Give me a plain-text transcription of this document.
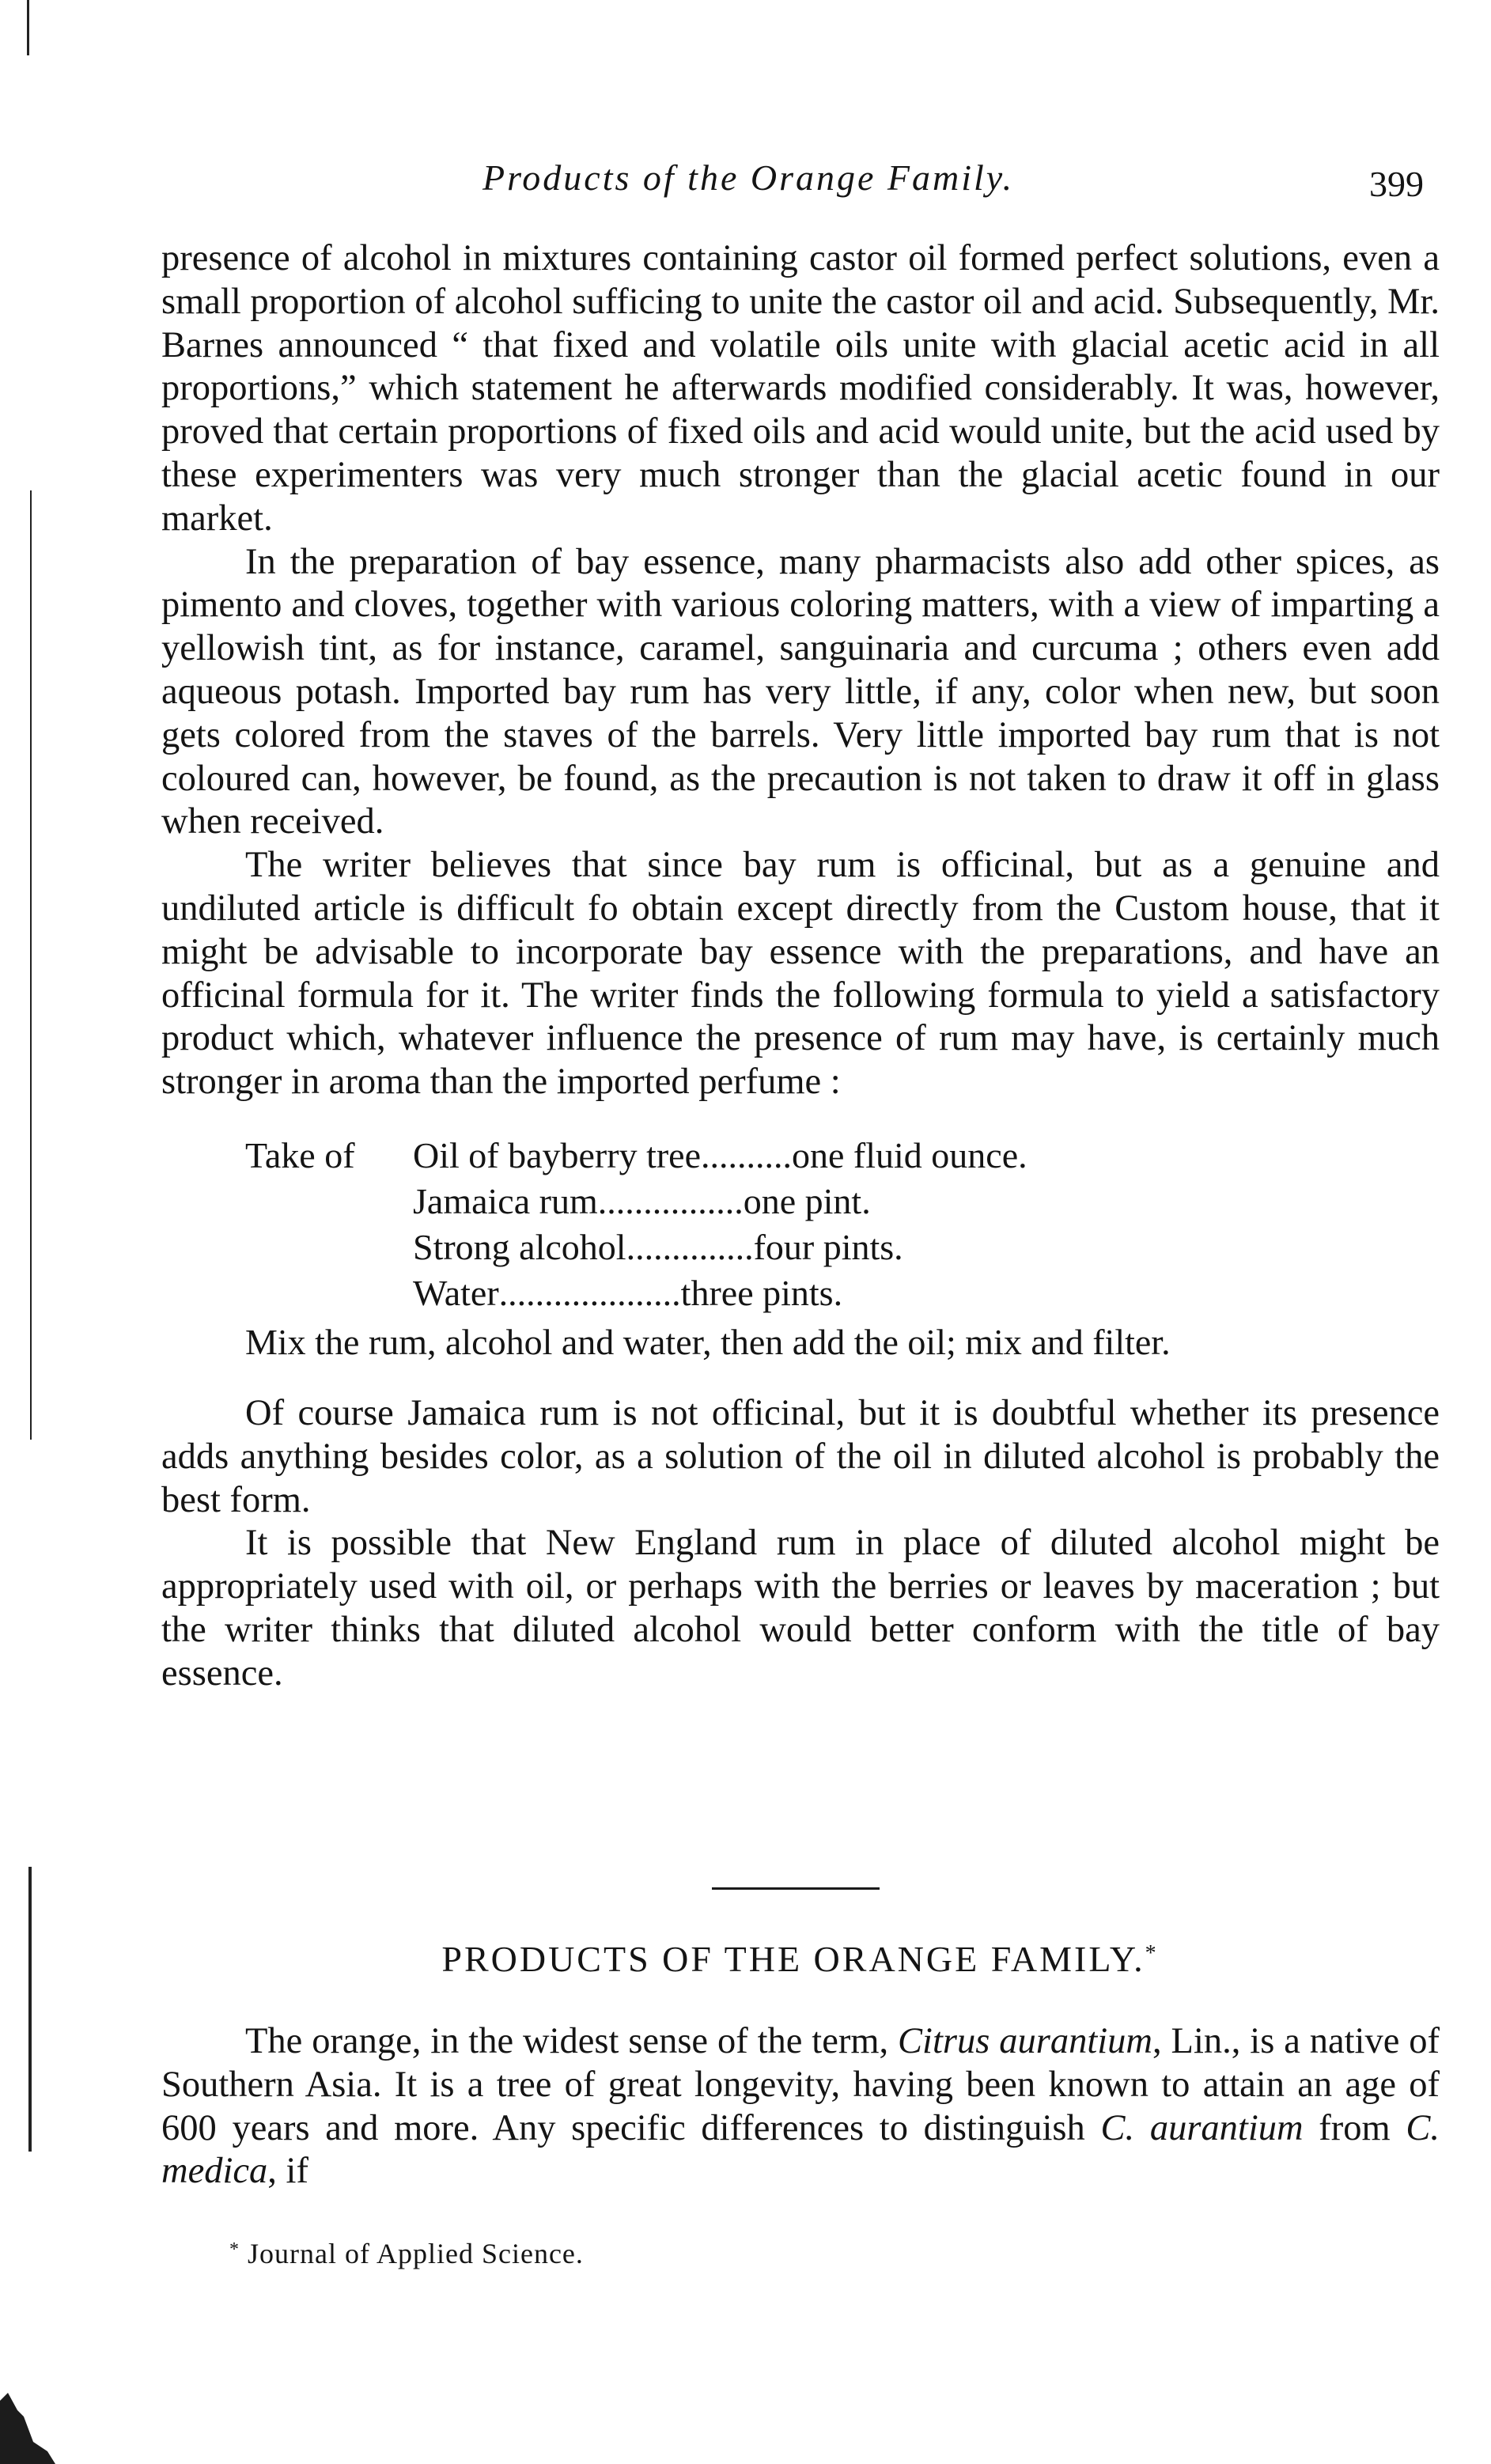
Products of the Orange Family.	399

presence of alcohol in mixtures containing castor oil formed perfect solutions, even a small proportion of alcohol sufficing to unite the castor oil and acid. Subsequently, Mr. Barnes announced “ that fixed and volatile oils unite with glacial acetic acid in all proportions,” which statement he afterwards modified considerably. It was, however, proved that certain proportions of fixed oils and acid would unite, but the acid used by these experimenters was very much stronger than the glacial acetic found in our market.

In the preparation of bay essence, many pharmacists also add other spices, as pimento and cloves, together with various coloring matters, with a view of imparting a yellowish tint, as for instance, caramel, sanguinaria and curcuma ; others even add aqueous potash. Imported bay rum has very little, if any, color when new, but soon gets colored from the staves of the barrels. Very little imported bay rum that is not coloured can, however, be found, as the precaution is not taken to draw it off in glass when received.

The writer believes that since bay rum is officinal, but as a genuine and undiluted article is difficult fo obtain except directly from the Custom house, that it might be advisable to incorporate bay essence with the preparations, and have an officinal formula for it. The writer finds the following formula to yield a satisfactory product which, whatever influence the presence of rum may have, is certainly much stronger in aroma than the imported perfume :

Take of	Oil of bayberry tree .......... one fluid ounce.
Jamaica rum ................ one pint.
Strong alcohol .............. four pints.
Water .................... three pints.

Mix the rum, alcohol and water, then add the oil; mix and filter.

Of course Jamaica rum is not officinal, but it is doubtful whether its presence adds anything besides color, as a solution of the oil in diluted alcohol is probably the best form.

It is possible that New England rum in place of diluted alcohol might be appropriately used with oil, or perhaps with the berries or leaves by maceration ; but the writer thinks that diluted alcohol would better conform with the title of bay essence.

PRODUCTS OF THE ORANGE FAMILY.*

The orange, in the widest sense of the term, Citrus aurantium, Lin., is a native of Southern Asia. It is a tree of great longevity, having been known to attain an age of 600 years and more. Any specific differences to distinguish C. aurantium from C. medica, if

* Journal of Applied Science.
